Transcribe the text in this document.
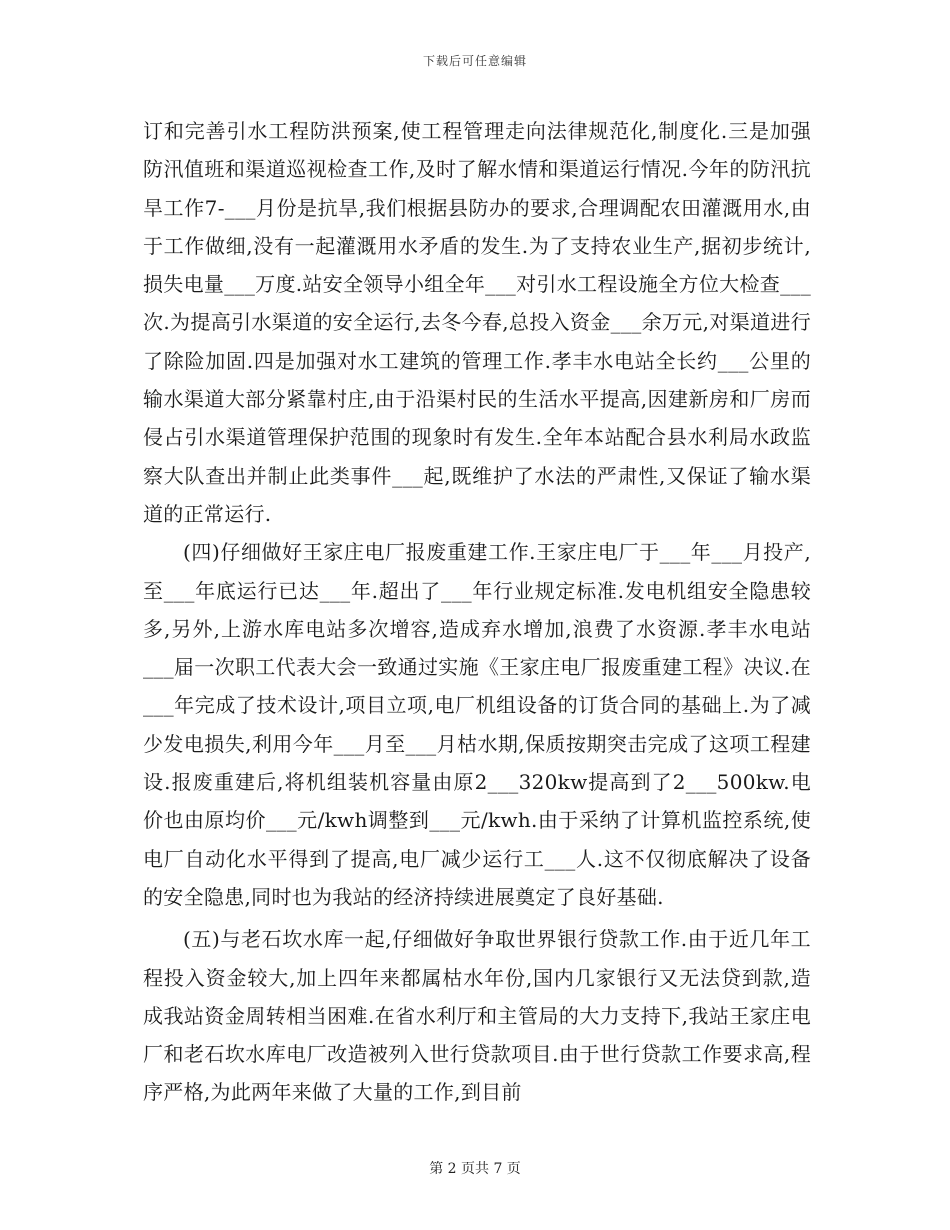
下载后可任意编辑

订和完善引水工程防洪预案,使工程管理走向法律规范化,制度化.三是加强防汛值班和渠道巡视检查工作,及时了解水情和渠道运行情况.今年的防汛抗旱工作7-___月份是抗旱,我们根据县防办的要求,合理调配农田灌溉用水,由于工作做细,没有一起灌溉用水矛盾的发生.为了支持农业生产,据初步统计,损失电量___万度.站安全领导小组全年___对引水工程设施全方位大检查___次.为提高引水渠道的安全运行,去冬今春,总投入资金___余万元,对渠道进行了除险加固.四是加强对水工建筑的管理工作.孝丰水电站全长约___公里的输水渠道大部分紧靠村庄,由于沿渠村民的生活水平提高,因建新房和厂房而侵占引水渠道管理保护范围的现象时有发生.全年本站配合县水利局水政监察大队查出并制止此类事件___起,既维护了水法的严肃性,又保证了输水渠道的正常运行.

(四)仔细做好王家庄电厂报废重建工作.王家庄电厂于___年___月投产,至___年底运行已达___年.超出了___年行业规定标准.发电机组安全隐患较多,另外,上游水库电站多次增容,造成弃水增加,浪费了水资源.孝丰水电站___届一次职工代表大会一致通过实施《王家庄电厂报废重建工程》决议.在___年完成了技术设计,项目立项,电厂机组设备的订货合同的基础上.为了减少发电损失,利用今年___月至___月枯水期,保质按期突击完成了这项工程建设.报废重建后,将机组装机容量由原2___320kw提高到了2___500kw.电价也由原均价___元/kwh调整到___元/kwh.由于采纳了计算机监控系统,使电厂自动化水平得到了提高,电厂减少运行工___人.这不仅彻底解决了设备的安全隐患,同时也为我站的经济持续进展奠定了良好基础.

(五)与老石坎水库一起,仔细做好争取世界银行贷款工作.由于近几年工程投入资金较大,加上四年来都属枯水年份,国内几家银行又无法贷到款,造成我站资金周转相当困难.在省水利厅和主管局的大力支持下,我站王家庄电厂和老石坎水库电厂改造被列入世行贷款项目.由于世行贷款工作要求高,程序严格,为此两年来做了大量的工作,到目前

第 2 页共 7 页
